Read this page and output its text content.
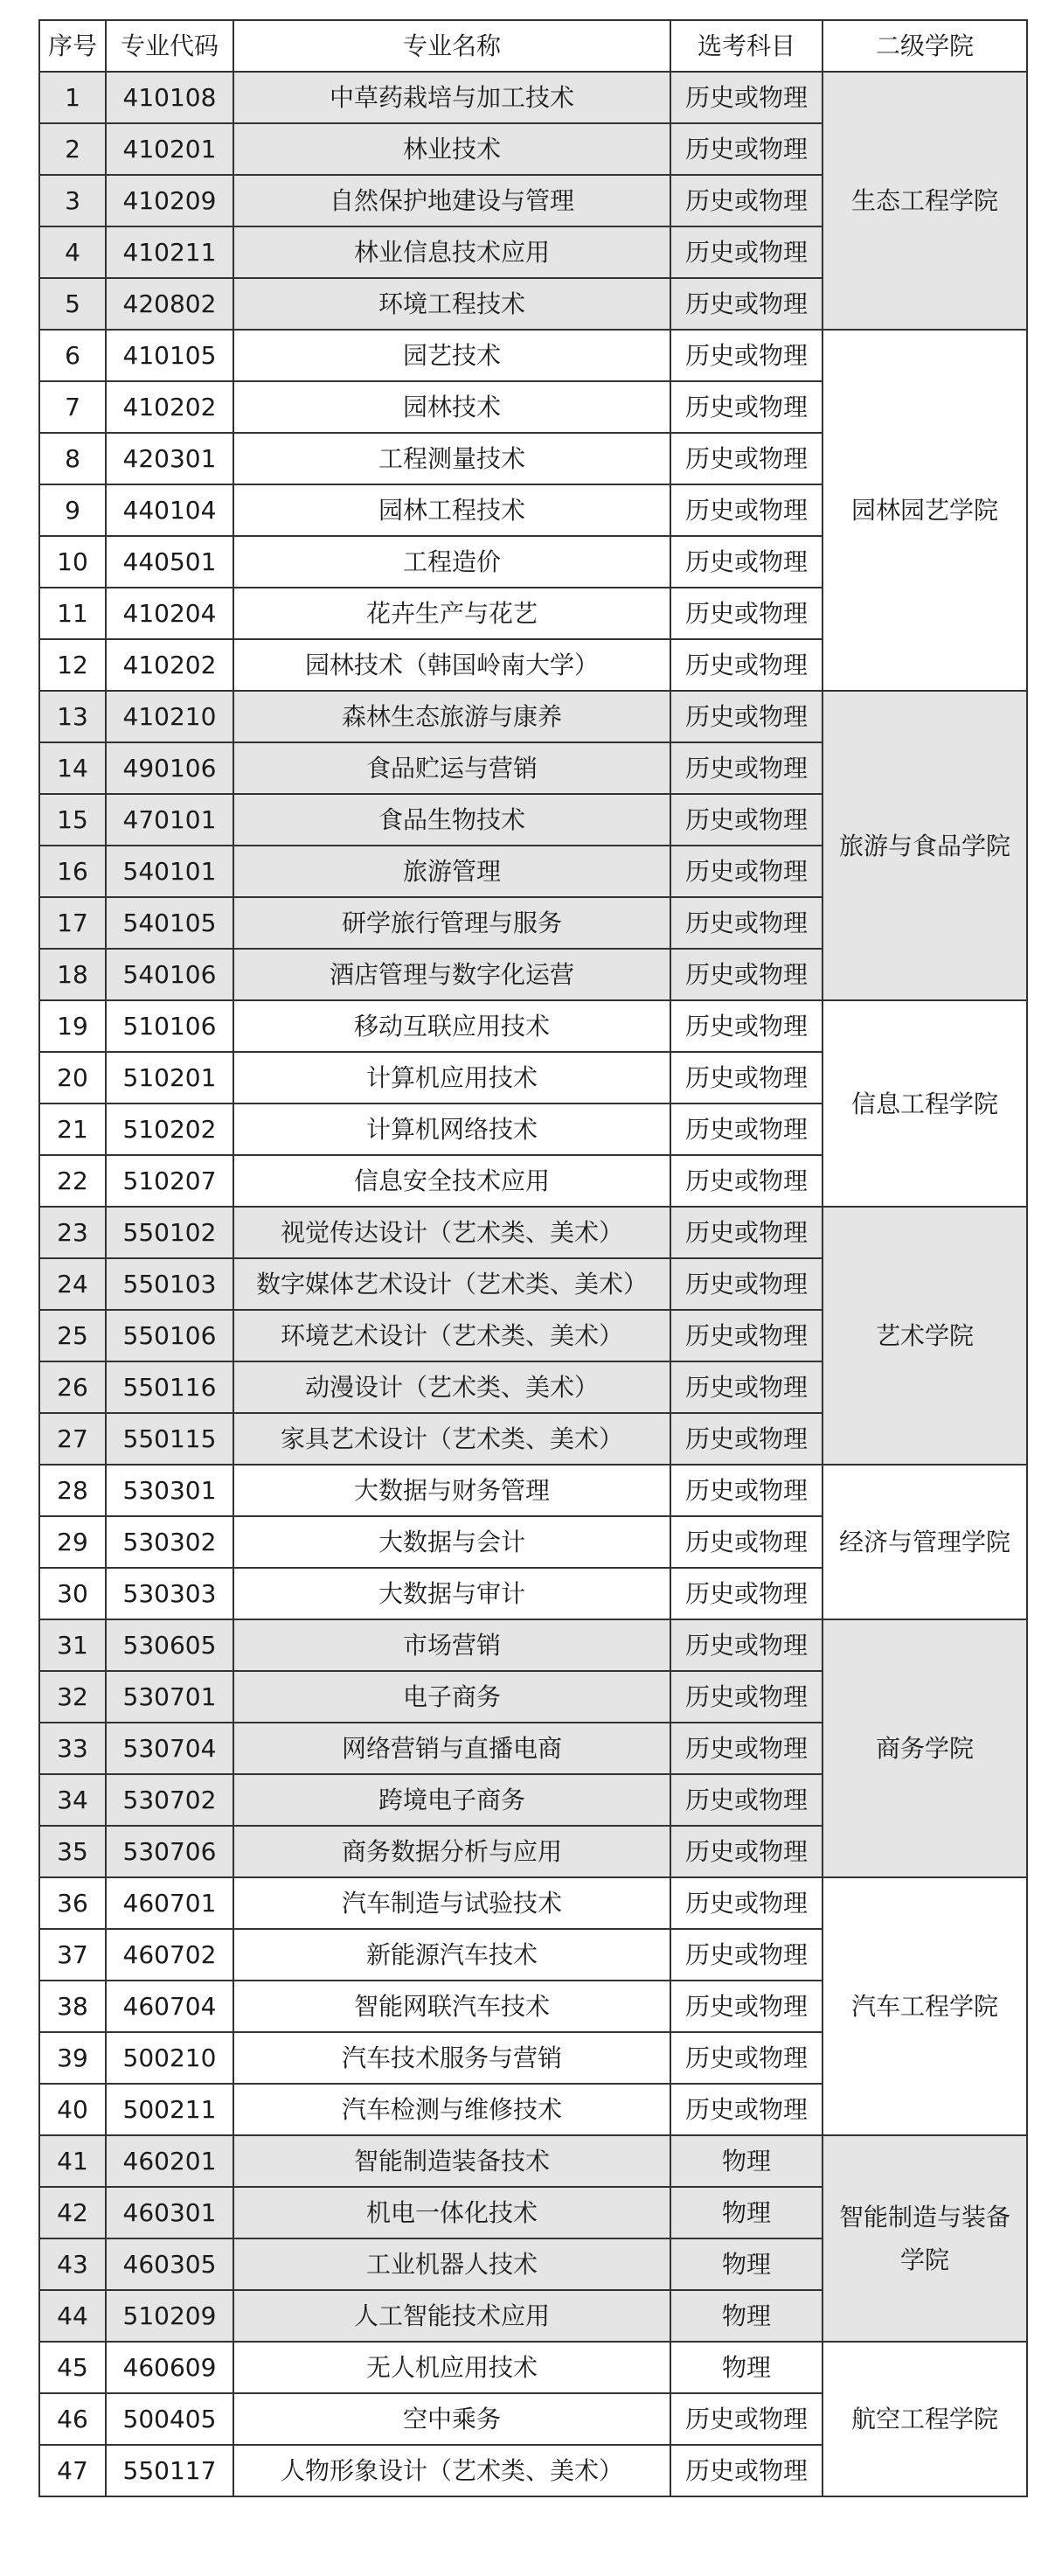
序号	专业代码	专业名称	选考科目	二级学院
1	410108	中草药栽培与加工技术	历史或物理	生态工程学院
2	410201	林业技术	历史或物理	
3	410209	自然保护地建设与管理	历史或物理	
4	410211	林业信息技术应用	历史或物理	
5	420802	环境工程技术	历史或物理	
6	410105	园艺技术	历史或物理	园林园艺学院
7	410202	园林技术	历史或物理	
8	420301	工程测量技术	历史或物理	
9	440104	园林工程技术	历史或物理	
10	440501	工程造价	历史或物理	
11	410204	花卉生产与花艺	历史或物理	
12	410202	园林技术（韩国岭南大学）	历史或物理	
13	410210	森林生态旅游与康养	历史或物理	旅游与食品学院
14	490106	食品贮运与营销	历史或物理	
15	470101	食品生物技术	历史或物理	
16	540101	旅游管理	历史或物理	
17	540105	研学旅行管理与服务	历史或物理	
18	540106	酒店管理与数字化运营	历史或物理	
19	510106	移动互联应用技术	历史或物理	信息工程学院
20	510201	计算机应用技术	历史或物理	
21	510202	计算机网络技术	历史或物理	
22	510207	信息安全技术应用	历史或物理	
23	550102	视觉传达设计（艺术类、美术）	历史或物理	艺术学院
24	550103	数字媒体艺术设计（艺术类、美术）	历史或物理	
25	550106	环境艺术设计（艺术类、美术）	历史或物理	
26	550116	动漫设计（艺术类、美术）	历史或物理	
27	550115	家具艺术设计（艺术类、美术）	历史或物理	
28	530301	大数据与财务管理	历史或物理	经济与管理学院
29	530302	大数据与会计	历史或物理	
30	530303	大数据与审计	历史或物理	
31	530605	市场营销	历史或物理	商务学院
32	530701	电子商务	历史或物理	
33	530704	网络营销与直播电商	历史或物理	
34	530702	跨境电子商务	历史或物理	
35	530706	商务数据分析与应用	历史或物理	
36	460701	汽车制造与试验技术	历史或物理	汽车工程学院
37	460702	新能源汽车技术	历史或物理	
38	460704	智能网联汽车技术	历史或物理	
39	500210	汽车技术服务与营销	历史或物理	
40	500211	汽车检测与维修技术	历史或物理	
41	460201	智能制造装备技术	物理	智能制造与装备学院
42	460301	机电一体化技术	物理	
43	460305	工业机器人技术	物理	
44	510209	人工智能技术应用	物理	
45	460609	无人机应用技术	物理	航空工程学院
46	500405	空中乘务	历史或物理	
47	550117	人物形象设计（艺术类、美术）	历史或物理	
